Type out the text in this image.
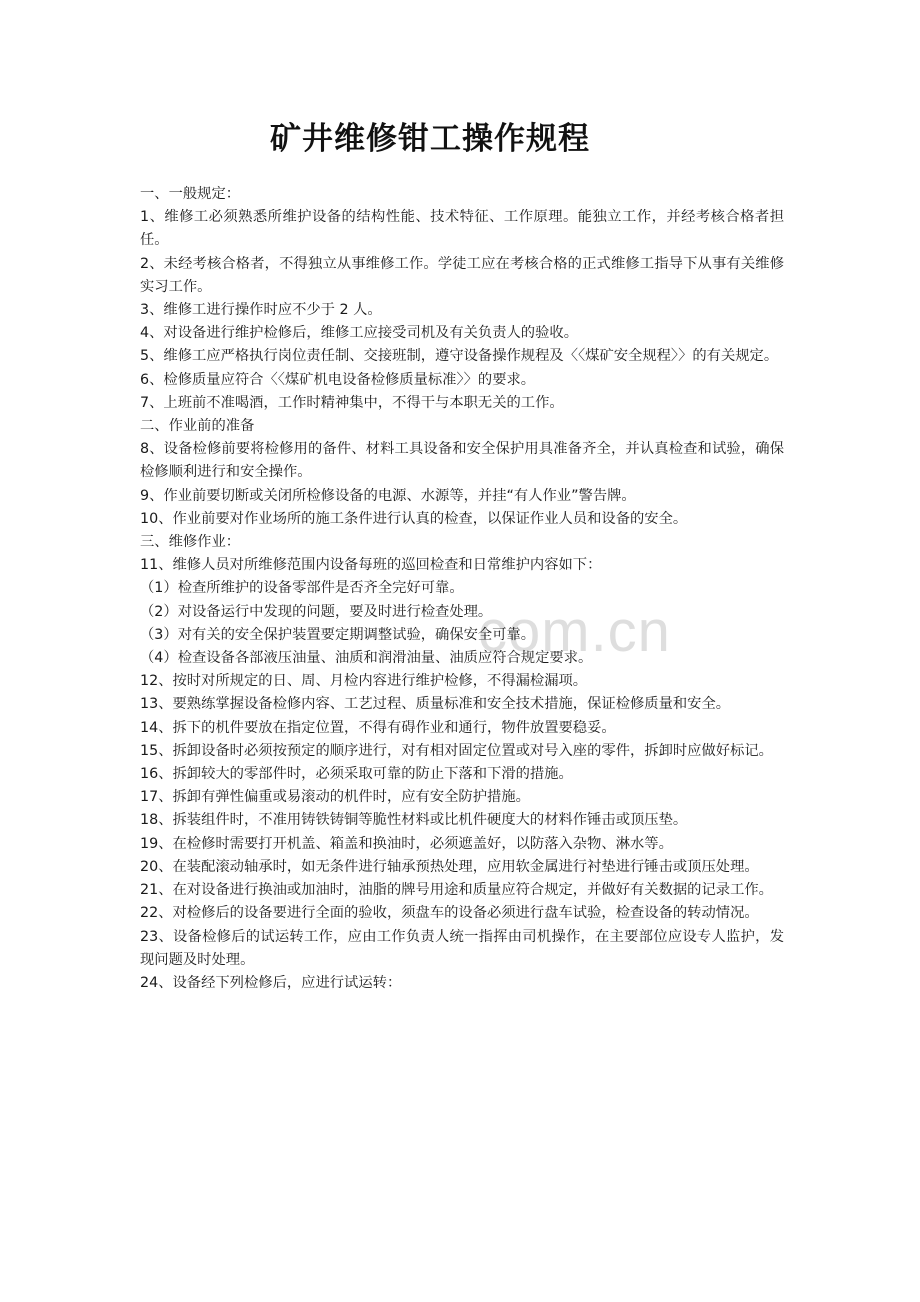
com.cn
矿井维修钳工操作规程

一、一般规定：

1、维修工必须熟悉所维护设备的结构性能、技术特征、工作原理。能独立工作，并经考核合格者担任。

2、未经考核合格者，不得独立从事维修工作。学徒工应在考核合格的正式维修工指导下从事有关维修实习工作。

3、维修工进行操作时应不少于 2 人。

4、对设备进行维护检修后，维修工应接受司机及有关负责人的验收。

5、维修工应严格执行岗位责任制、交接班制，遵守设备操作规程及〈〈煤矿安全规程〉〉的有关规定。

6、检修质量应符合〈〈煤矿机电设备检修质量标准〉〉的要求。

7、上班前不准喝酒，工作时精神集中，不得干与本职无关的工作。

二、作业前的准备

8、设备检修前要将检修用的备件、材料工具设备和安全保护用具准备齐全，并认真检查和试验，确保检修顺利进行和安全操作。

9、作业前要切断或关闭所检修设备的电源、水源等，并挂“有人作业”警告牌。

10、作业前要对作业场所的施工条件进行认真的检查，以保证作业人员和设备的安全。

三、维修作业：

11、维修人员对所维修范围内设备每班的巡回检查和日常维护内容如下：

（1）检查所维护的设备零部件是否齐全完好可靠。

（2）对设备运行中发现的问题，要及时进行检查处理。

（3）对有关的安全保护装置要定期调整试验，确保安全可靠。

（4）检查设备各部液压油量、油质和润滑油量、油质应符合规定要求。

12、按时对所规定的日、周、月检内容进行维护检修，不得漏检漏项。

13、要熟练掌握设备检修内容、工艺过程、质量标准和安全技术措施，保证检修质量和安全。

14、拆下的机件要放在指定位置，不得有碍作业和通行，物件放置要稳妥。

15、拆卸设备时必须按预定的顺序进行，对有相对固定位置或对号入座的零件，拆卸时应做好标记。

16、拆卸较大的零部件时，必须采取可靠的防止下落和下滑的措施。

17、拆卸有弹性偏重或易滚动的机件时，应有安全防护措施。

18、拆装组件时，不准用铸铁铸铜等脆性材料或比机件硬度大的材料作锤击或顶压垫。

19、在检修时需要打开机盖、箱盖和换油时，必须遮盖好，以防落入杂物、淋水等。

20、在装配滚动轴承时，如无条件进行轴承预热处理，应用软金属进行衬垫进行锤击或顶压处理。

21、在对设备进行换油或加油时，油脂的牌号用途和质量应符合规定，并做好有关数据的记录工作。

22、对检修后的设备要进行全面的验收，须盘车的设备必须进行盘车试验，检查设备的转动情况。

23、设备检修后的试运转工作，应由工作负责人统一指挥由司机操作，在主要部位应设专人监护，发现问题及时处理。

24、设备经下列检修后，应进行试运转：
